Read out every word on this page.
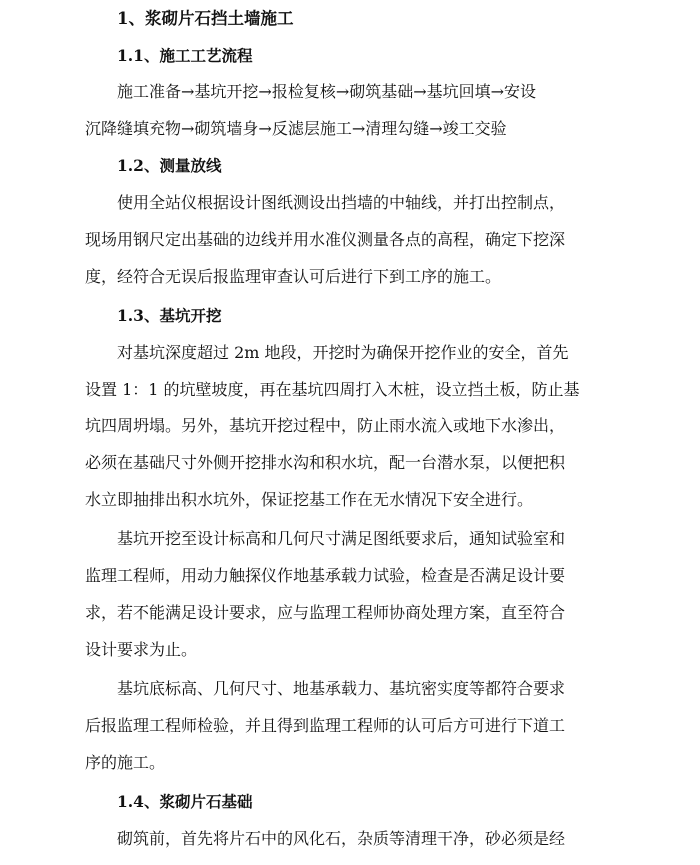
1、浆砌片石挡土墙施工
1.1、施工工艺流程
施工准备→基坑开挖→报检复核→砌筑基础→基坑回填→安设
沉降缝填充物→砌筑墙身→反滤层施工→清理勾缝→竣工交验
1.2、测量放线
使用全站仪根据设计图纸测设出挡墙的中轴线，并打出控制点，
现场用钢尺定出基础的边线并用水准仪测量各点的高程，确定下挖深
度，经符合无误后报监理审查认可后进行下到工序的施工。
1.3、基坑开挖
对基坑深度超过 2m 地段，开挖时为确保开挖作业的安全，首先
设置 1：1 的坑壁坡度，再在基坑四周打入木桩，设立挡土板，防止基
坑四周坍塌。另外，基坑开挖过程中，防止雨水流入或地下水渗出，
必须在基础尺寸外侧开挖排水沟和积水坑，配一台潜水泵，以便把积
水立即抽排出积水坑外，保证挖基工作在无水情况下安全进行。
基坑开挖至设计标高和几何尺寸满足图纸要求后，通知试验室和
监理工程师，用动力触探仪作地基承载力试验，检查是否满足设计要
求，若不能满足设计要求，应与监理工程师协商处理方案，直至符合
设计要求为止。
基坑底标高、几何尺寸、地基承载力、基坑密实度等都符合要求
后报监理工程师检验，并且得到监理工程师的认可后方可进行下道工
序的施工。
1.4、浆砌片石基础
砌筑前，首先将片石中的风化石，杂质等清理干净，砂必须是经
